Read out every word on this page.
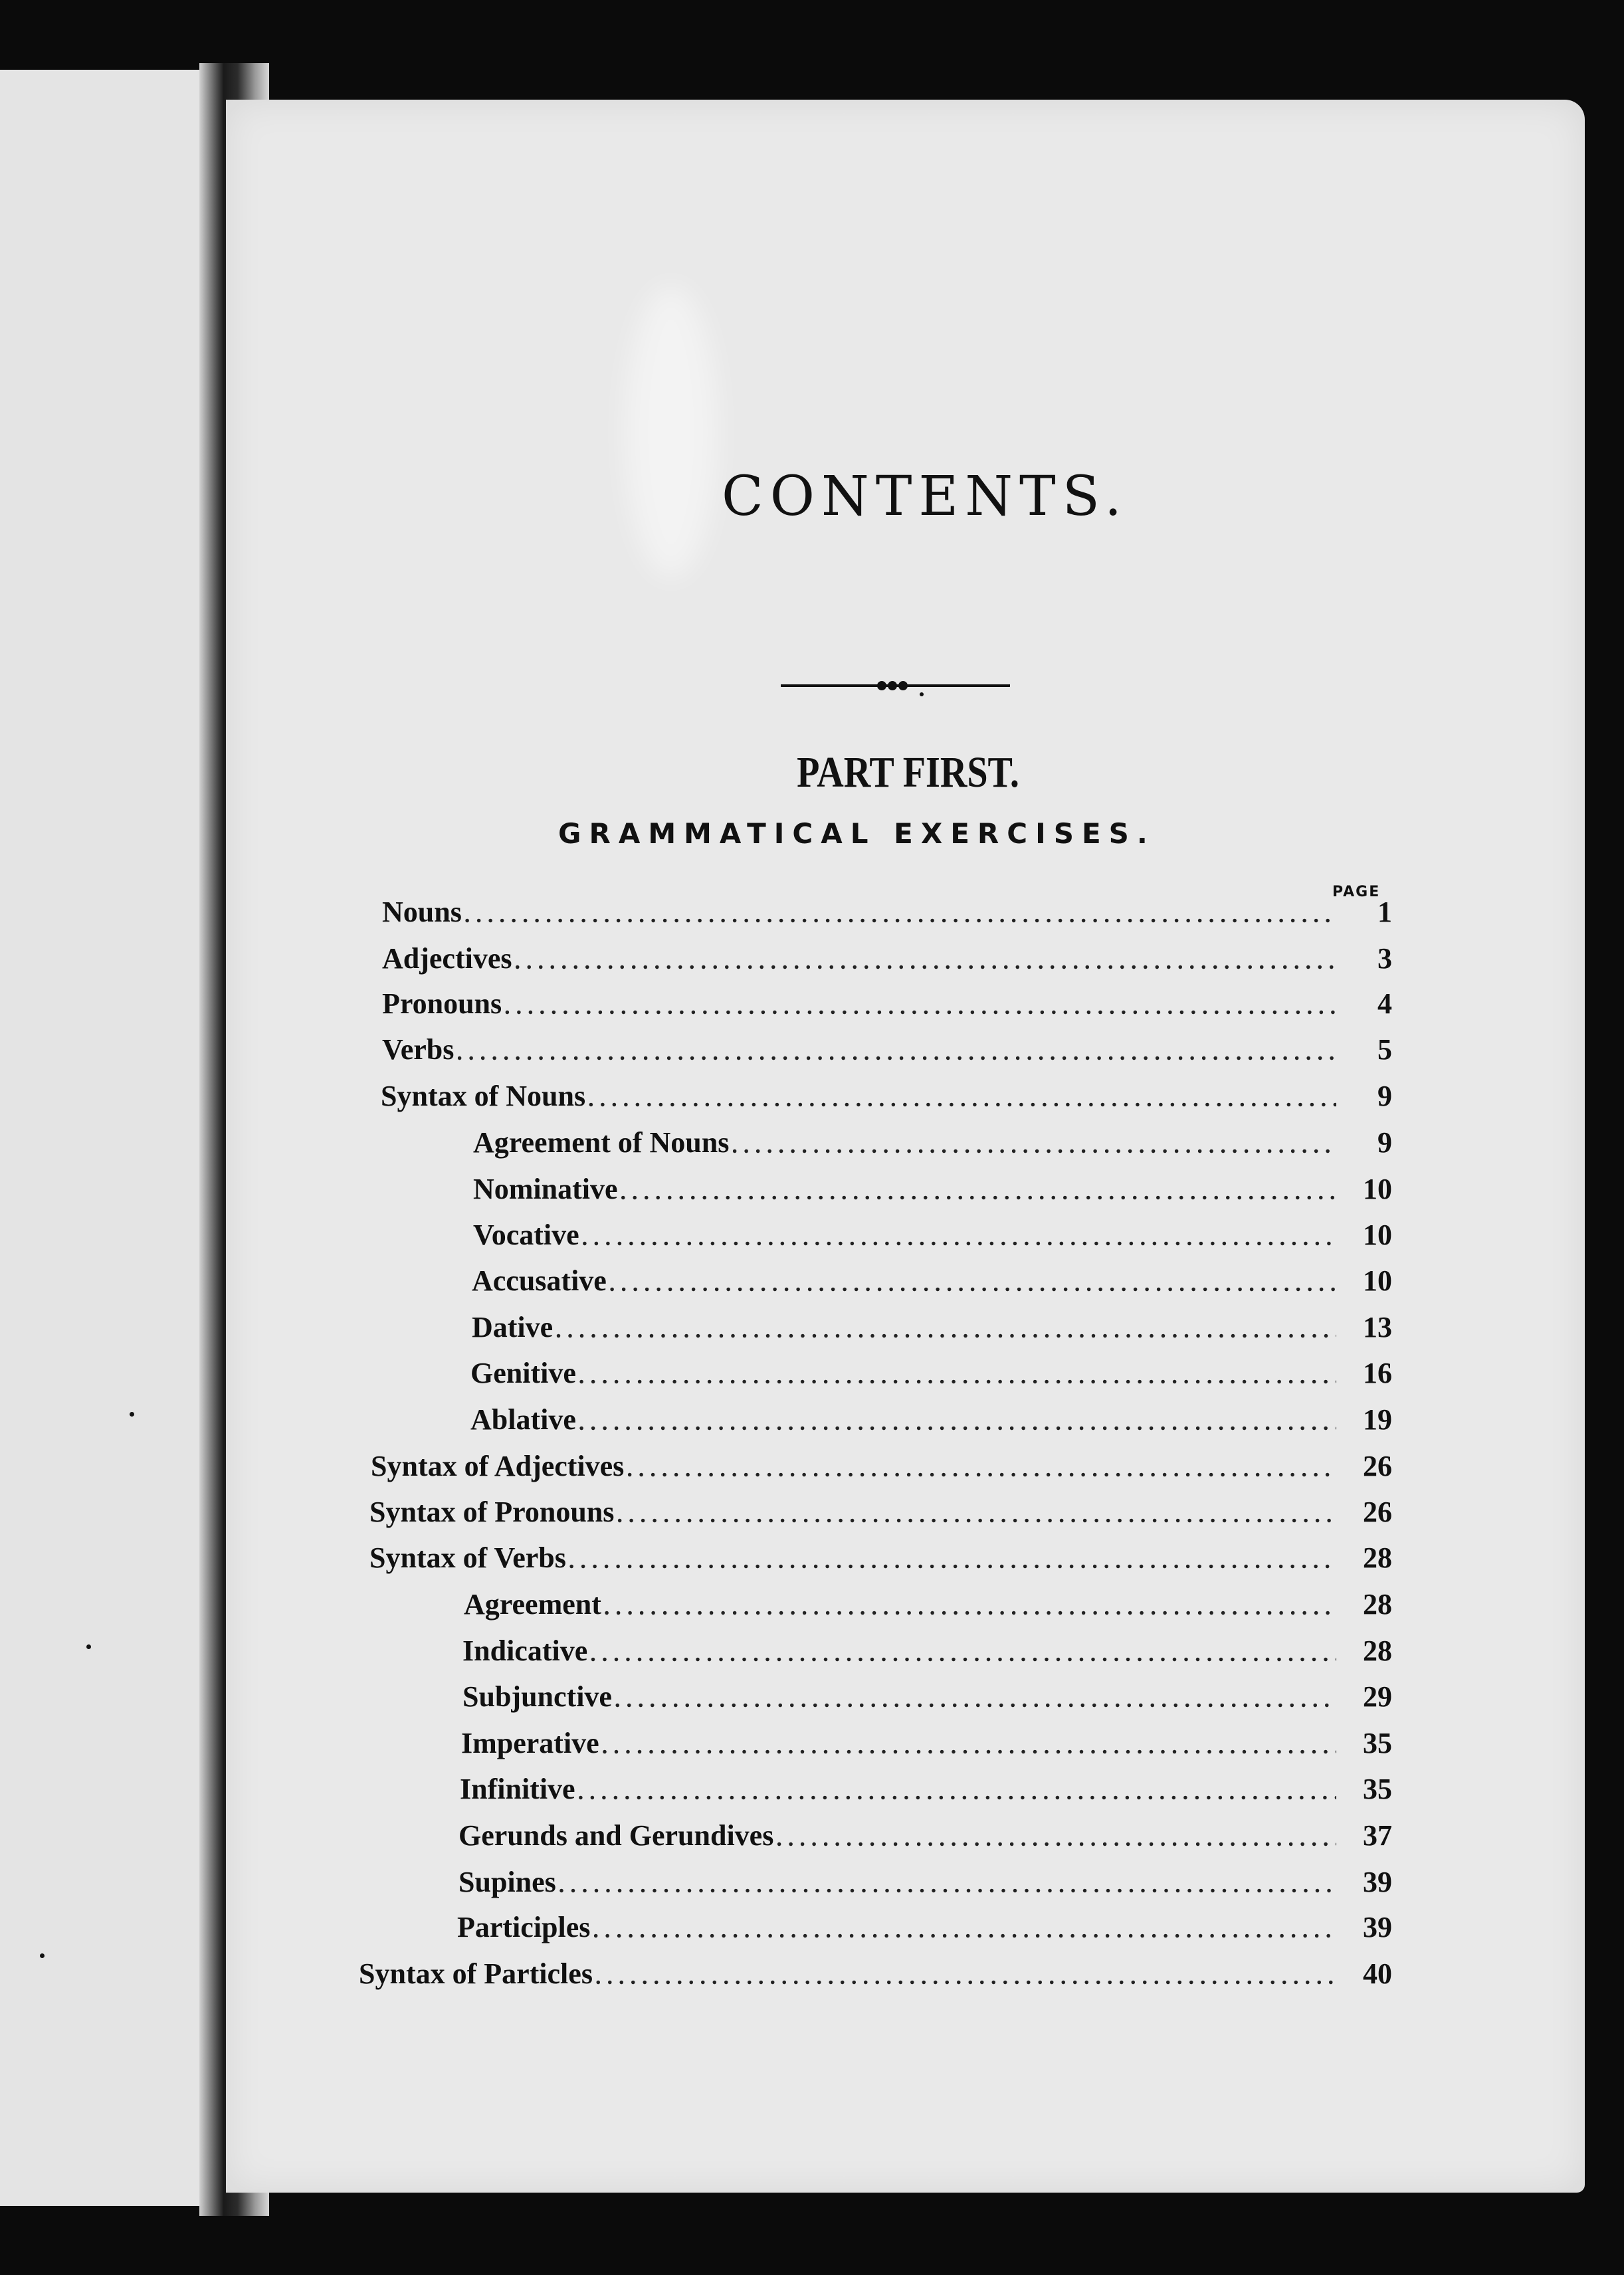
CONTENTS.
PART FIRST.
GRAMMATICAL EXERCISES.
PAGE
Nouns .....	1
Adjectives .....	3
Pronouns .....	4
Verbs .....	5
Syntax of Nouns .....	9
Agreement of Nouns .....	9
Nominative .....	10
Vocative .....	10
Accusative .....	10
Dative .....	13
Genitive .....	16
Ablative .....	19
Syntax of Adjectives .....	26
Syntax of Pronouns .....	26
Syntax of Verbs .....	28
Agreement .....	28
Indicative .....	28
Subjunctive .....	29
Imperative .....	35
Infinitive .....	35
Gerunds and Gerundives .....	37
Supines .....	39
Participles .....	39
Syntax of Particles .....	40
